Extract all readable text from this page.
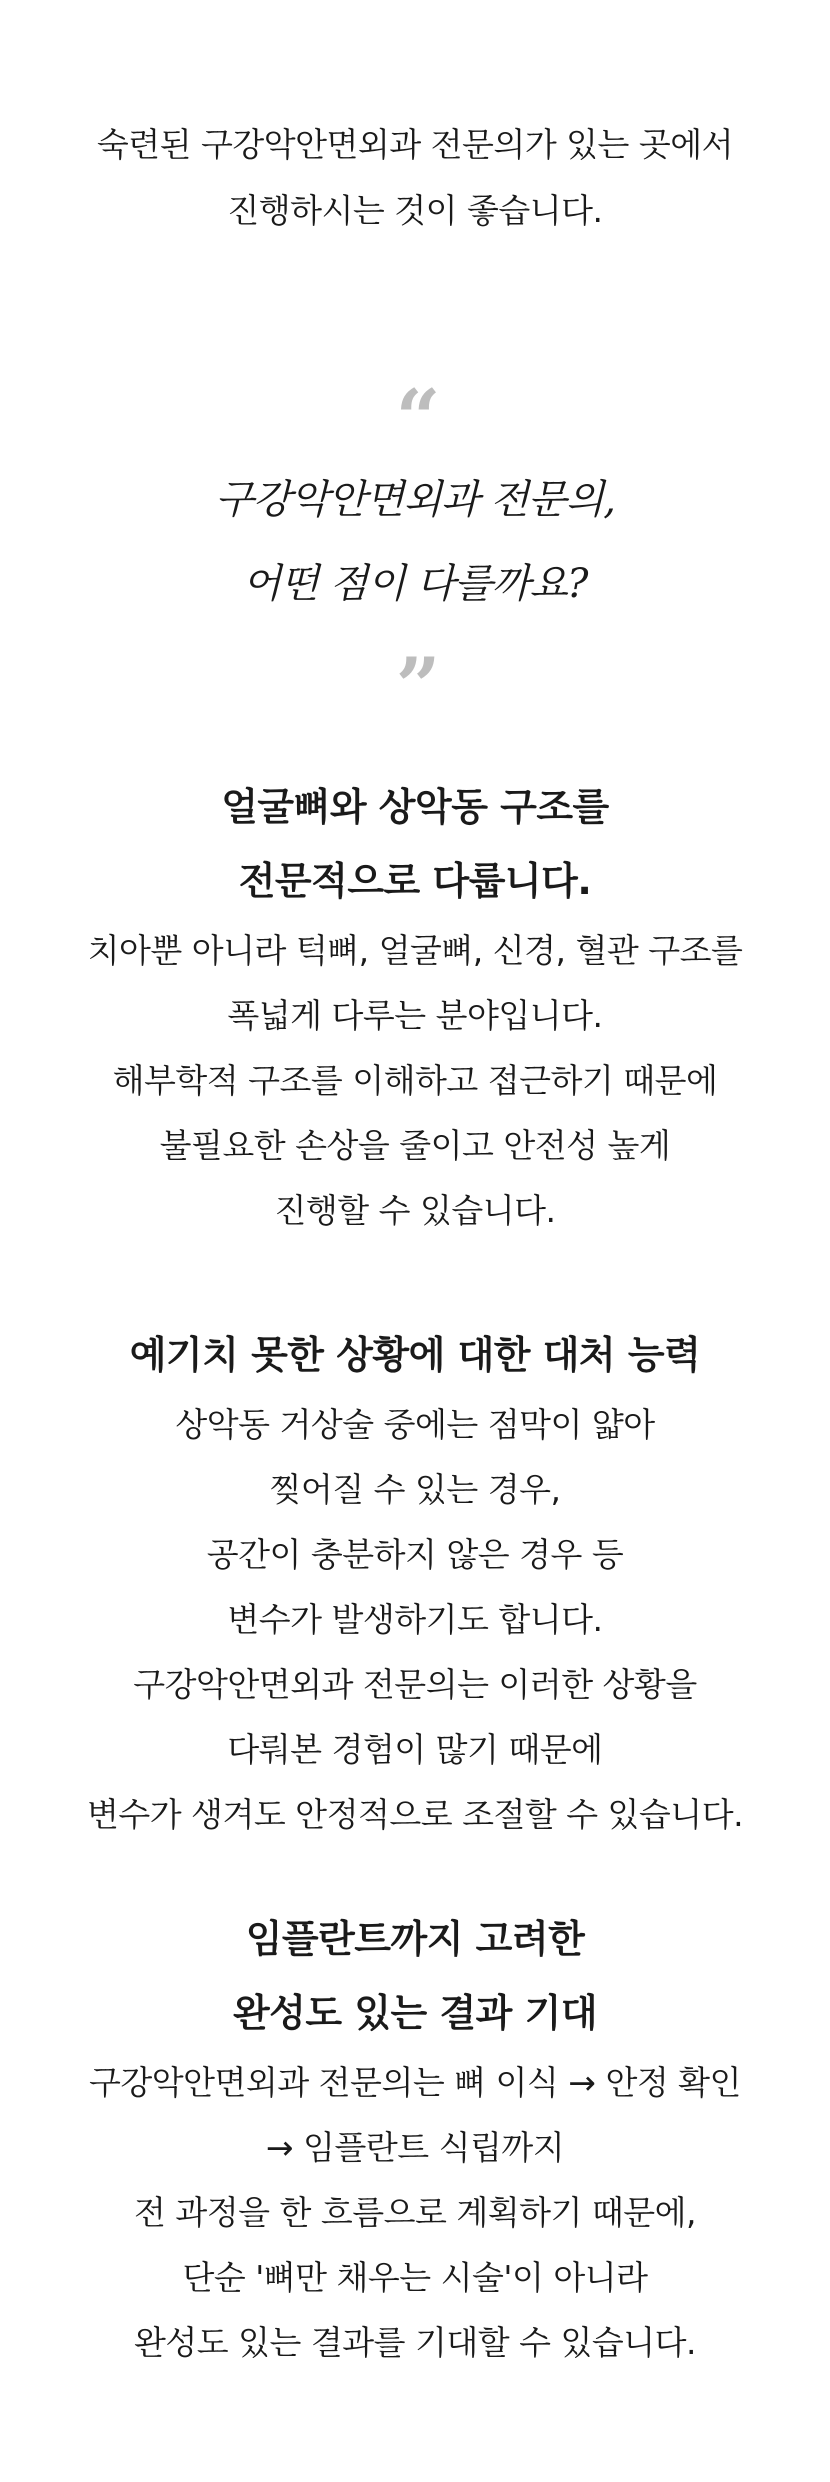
숙련된 구강악안면외과 전문의가 있는 곳에서
진행하시는 것이 좋습니다.
“
구강악안면외과 전문의,
어떤 점이 다를까요?
”
얼굴뼈와 상악동 구조를
전문적으로 다룹니다.
치아뿐 아니라 턱뼈, 얼굴뼈, 신경, 혈관 구조를
폭넓게 다루는 분야입니다.
해부학적 구조를 이해하고 접근하기 때문에
불필요한 손상을 줄이고 안전성 높게
진행할 수 있습니다.
예기치 못한 상황에 대한 대처 능력
상악동 거상술 중에는 점막이 얇아
찢어질 수 있는 경우,
공간이 충분하지 않은 경우 등
변수가 발생하기도 합니다.
구강악안면외과 전문의는 이러한 상황을
다뤄본 경험이 많기 때문에
변수가 생겨도 안정적으로 조절할 수 있습니다.
임플란트까지 고려한
완성도 있는 결과 기대
구강악안면외과 전문의는 뼈 이식 → 안정 확인
→ 임플란트 식립까지
전 과정을 한 흐름으로 계획하기 때문에,
단순 '뼈만 채우는 시술'이 아니라
완성도 있는 결과를 기대할 수 있습니다.
